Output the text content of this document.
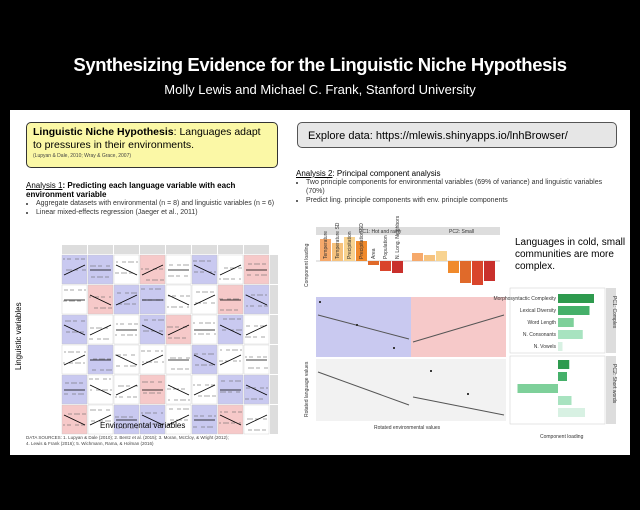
Synthesizing Evidence for the Linguistic Niche Hypothesis
Molly Lewis and Michael C. Frank, Stanford University
Linguistic Niche Hypothesis: Languages adapt to pressures in their environments.
(Lupyan & Dale, 2010; Wray & Grace, 2007)
Explore data: https://mlewis.shinyapps.io/lnhBrowser/
Analysis 1: Predicting each language variable with each environment variable
• Aggregate datasets with environmental (n = 8) and linguistic variables (n = 6)
• Linear mixed-effects regression (Jaeger et al., 2011)
Linguistic variables
Environmental variables
DATA SOURCES: 1. Lupyan & Dale (2010); 2. Bentz et al. (2015); 3. Moran, McCloy, & Wright (2012);
4. Lewis & Frank (2016); 5. Wichmann, Rama, & Holman (2016)
Analysis 2: Principal component analysis
• Two principle components for environmental variables (69% of variance) and linguistic variables (70%)
• Predict ling. principle components with env. principle components
PC1: Hot and rainy	PC2: Small
Component loading	Temperature Temperature SD Precipitation Precipitation SD Area Population N. Long. Neighbors
Rotated language values
Rotated environmental values
Languages in cold, small communities are more complex.
PC1: Complex
PC2: Short words
Morphosyntactic Complexity
Lexical Diversity
Word Length
N. Consonants
N. Vowels
Component loading
